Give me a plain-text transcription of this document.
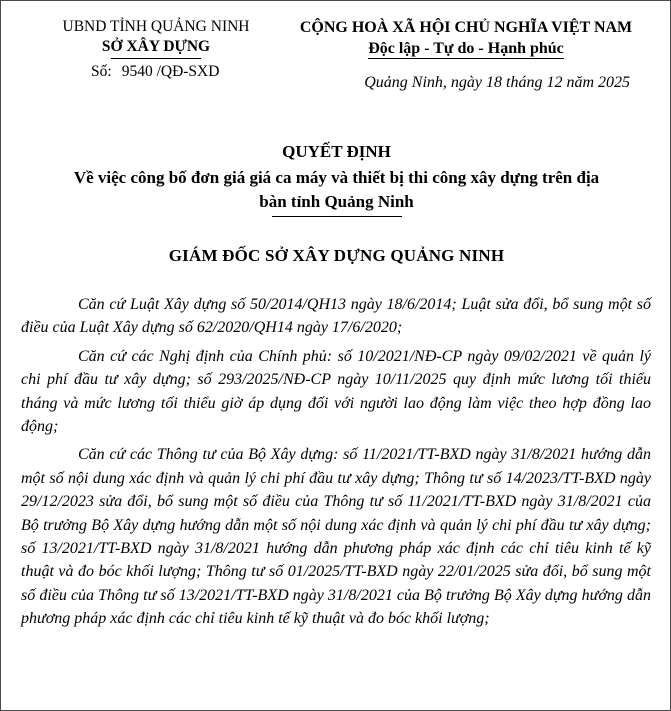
UBND TỈNH QUẢNG NINH
SỞ XÂY DỰNG
Số: 9540 /QĐ-SXD
CỘNG HOÀ XÃ HỘI CHỦ NGHĨA VIỆT NAM
Độc lập - Tự do - Hạnh phúc
Quảng Ninh, ngày 18 tháng 12 năm 2025
QUYẾT ĐỊNH
Về việc công bố đơn giá giá ca máy và thiết bị thi công xây dựng trên địa
bàn tỉnh Quảng Ninh
GIÁM ĐỐC SỞ XÂY DỰNG QUẢNG NINH

Căn cứ Luật Xây dựng số 50/2014/QH13 ngày 18/6/2014; Luật sửa đổi, bổ sung một số điều của Luật Xây dựng số 62/2020/QH14 ngày 17/6/2020;

Căn cứ các Nghị định của Chính phủ: số 10/2021/NĐ-CP ngày 09/02/2021 về quản lý chi phí đầu tư xây dựng; số 293/2025/NĐ-CP ngày 10/11/2025 quy định mức lương tối thiểu tháng và mức lương tối thiểu giờ áp dụng đối với người lao động làm việc theo hợp đồng lao động;

Căn cứ các Thông tư của Bộ Xây dựng: số 11/2021/TT-BXD ngày 31/8/2021 hướng dẫn một số nội dung xác định và quản lý chi phí đầu tư xây dựng; Thông tư số 14/2023/TT-BXD ngày 29/12/2023 sửa đổi, bổ sung một số điều của Thông tư số 11/2021/TT-BXD ngày 31/8/2021 của Bộ trưởng Bộ Xây dựng hướng dẫn một số nội dung xác định và quản lý chi phí đầu tư xây dựng; số 13/2021/TT-BXD ngày 31/8/2021 hướng dẫn phương pháp xác định các chỉ tiêu kinh tế kỹ thuật và đo bóc khối lượng; Thông tư số 01/2025/TT-BXD ngày 22/01/2025 sửa đổi, bổ sung một số điều của Thông tư số 13/2021/TT-BXD ngày 31/8/2021 của Bộ trưởng Bộ Xây dựng hướng dẫn phương pháp xác định các chỉ tiêu kinh tế kỹ thuật và đo bóc khối lượng;
